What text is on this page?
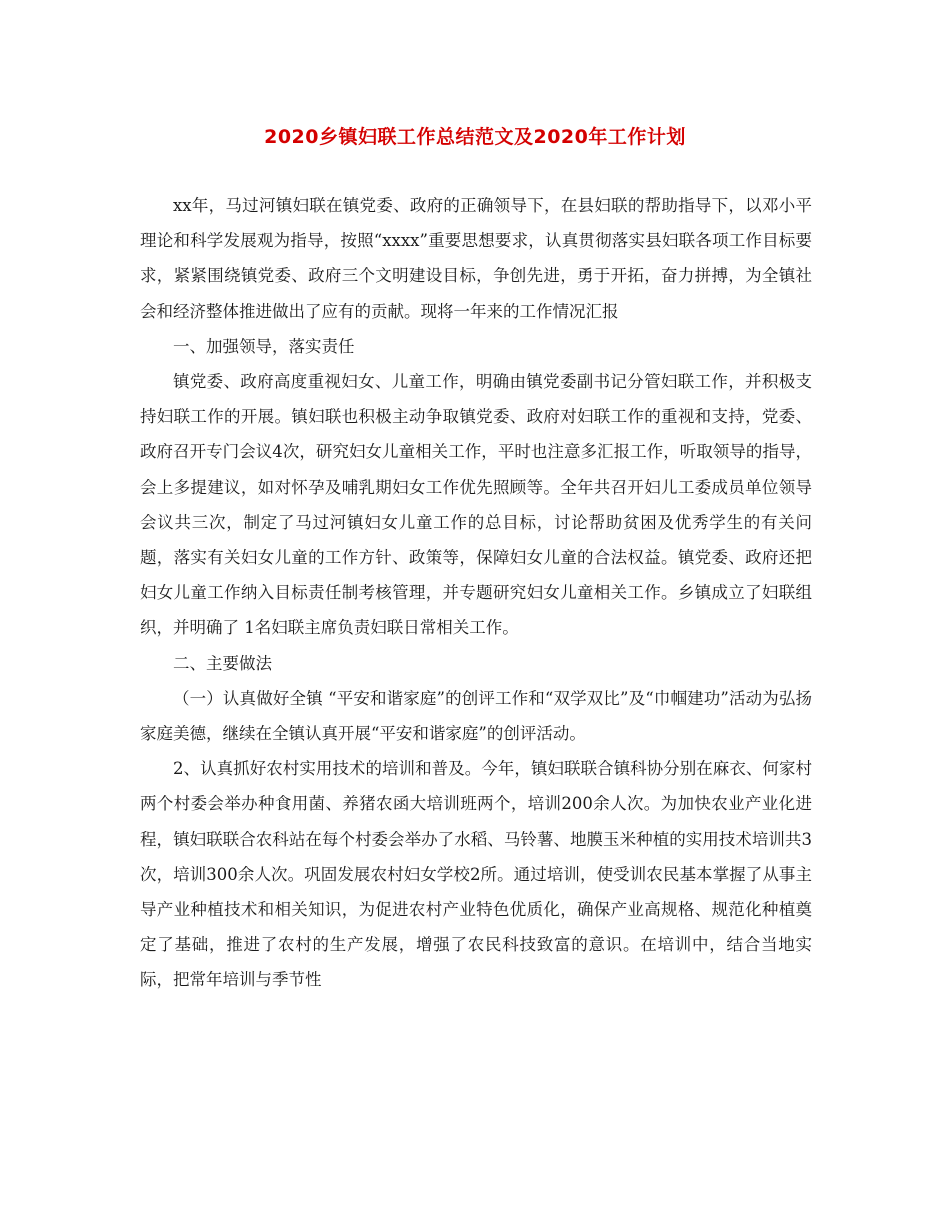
2020乡镇妇联工作总结范文及2020年工作计划

xx年，马过河镇妇联在镇党委、政府的正确领导下，在县妇联的帮助指导下，以邓小平理论和科学发展观为指导，按照“xxxx”重要思想要求，认真贯彻落实县妇联各项工作目标要求，紧紧围绕镇党委、政府三个文明建设目标，争创先进，勇于开拓，奋力拼搏，为全镇社会和经济整体推进做出了应有的贡献。现将一年来的工作情况汇报

一、加强领导，落实责任

镇党委、政府高度重视妇女、儿童工作，明确由镇党委副书记分管妇联工作，并积极支持妇联工作的开展。镇妇联也积极主动争取镇党委、政府对妇联工作的重视和支持，党委、政府召开专门会议4次，研究妇女儿童相关工作，平时也注意多汇报工作，听取领导的指导，会上多提建议，如对怀孕及哺乳期妇女工作优先照顾等。全年共召开妇儿工委成员单位领导会议共三次，制定了马过河镇妇女儿童工作的总目标，讨论帮助贫困及优秀学生的有关问题，落实有关妇女儿童的工作方针、政策等，保障妇女儿童的合法权益。镇党委、政府还把妇女儿童工作纳入目标责任制考核管理，并专题研究妇女儿童相关工作。乡镇成立了妇联组织，并明确了 1名妇联主席负责妇联日常相关工作。

二、主要做法

（一）认真做好全镇 “平安和谐家庭”的创评工作和“双学双比”及“巾帼建功”活动为弘扬家庭美德，继续在全镇认真开展“平安和谐家庭”的创评活动。

2、认真抓好农村实用技术的培训和普及。今年，镇妇联联合镇科协分别在麻衣、何家村两个村委会举办种食用菌、养猪农函大培训班两个，培训200余人次。为加快农业产业化进程，镇妇联联合农科站在每个村委会举办了水稻、马铃薯、地膜玉米种植的实用技术培训共3次，培训300余人次。巩固发展农村妇女学校2所。通过培训，使受训农民基本掌握了从事主导产业种植技术和相关知识，为促进农村产业特色优质化，确保产业高规格、规范化种植奠定了基础，推进了农村的生产发展，增强了农民科技致富的意识。在培训中，结合当地实际，把常年培训与季节性
